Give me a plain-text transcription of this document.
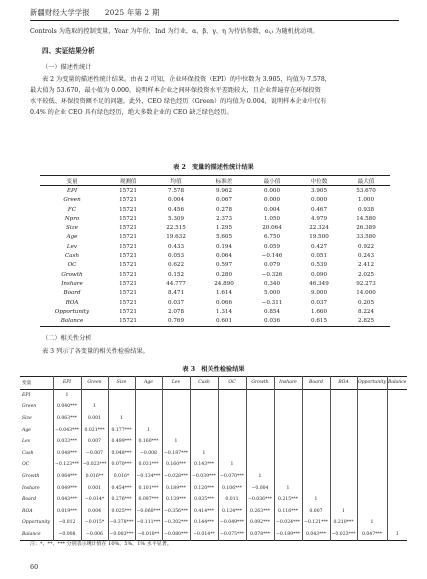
新疆财经大学学报　　 2025 年第 2 期
Controls 为选取的控制变量，Year 为年份，Ind 为行业，α、β、γ、η 为待估参数，eᵢ,ₜ 为随机扰动项。
四、实证结果分析
（一）描述性统计
表 2 为变量的描述性统计结果。由表 2 可知，企业环保投资（EPI）的中位数为 3.905，均值为 7.578，
最大值为 53.670，最小值为 0.000，说明样本企业之间环保投资水平差距较大，且企业普遍存在环保投资
水平较低、环保投资额不足的问题。此外，CEO 绿色经历（Green）的均值为 0.004，说明样本企业中仅有
0.4% 的企业 CEO 具有绿色经历，绝大多数企业的 CEO 缺乏绿色经历。
表 2　变量的描述性统计结果
变量	观测值	均值	标准差	最小值	中位数	最大值
EPI	15721	7.578	9.962	0.000	3.905	53.670
Green	15721	0.004	0.067	0.000	0.000	1.000
FC	15721	0.456	0.278	0.004	0.467	0.938
Npro	15721	5.309	2.373	1.050	4.979	14.580
Size	15721	22.515	1.295	20.064	22.324	26.389
Age	15721	19.632	5.605	6.750	19.500	33.580
Lev	15721	0.433	0.194	0.059	0.427	0.922
Cash	15721	0.053	0.064	−0.146	0.051	0.243
OC	15721	0.622	0.597	0.079	0.539	2.412
Growth	15721	0.152	0.280	−0.326	0.090	2.025
Inshare	15721	44.777	24.890	0.340	46.349	92.273
Board	15721	8.471	1.614	5.000	9.000	14.000
ROA	15721	0.037	0.066	−0.311	0.037	0.205
Opportunity	15721	2.078	1.314	0.854	1.660	8.224
Balance	15721	0.769	0.601	0.036	0.615	2.825
（二）相关性分析
表 3 列示了各变量的相关性检验结果。
表 3　相关性检验结果
变量	EPI	Green	Size	Age	Lev	Cash	OC	Growth	Inshare	Board	ROA	Opportunity	Balance
EPI	1												
Green	0.040***	1											
Size	0.063***	0.001	1										
Age	−0.043***	0.021***	0.177***	1									
Lev	0.033***	0.007	0.499***	0.160***	1								
Cash	0.048***	−0.007	0.048***	−0.008	−0.187***	1							
OC	−0.123***	−0.023***	0.070***	0.031***	0.160***	0.143***	1						
Growth	0.064***	0.016**	0.016*	−0.134***	−0.028***	−0.039***	−0.070***	1					
Inshare	0.049***	0.001	0.454***	0.101***	0.189***	0.120***	0.106***	−0.004	1				
Board	0.043***	−0.014*	0.276***	0.097***	0.139***	0.035***	0.011	−0.036***	0.215***	1			
ROA	0.019***	0.004	0.025***	−0.060***	−0.356***	0.414***	0.124***	0.263***	0.116***	0.007	1		
Opportunity	−0.012	−0.015*	−0.378***	−0.111***	−0.302***	0.144***	−0.049***	0.092***	−0.024***	−0.121***	0.210***	1	
Balance	−0.008	−0.006	−0.083***	−0.018**	−0.080***	−0.014**	−0.075***	0.078***	−0.189***	0.043***	−0.023***	0.047***	1
注：*、**、*** 分别表示统计值在 10%、5%、1% 水平显著。
60
